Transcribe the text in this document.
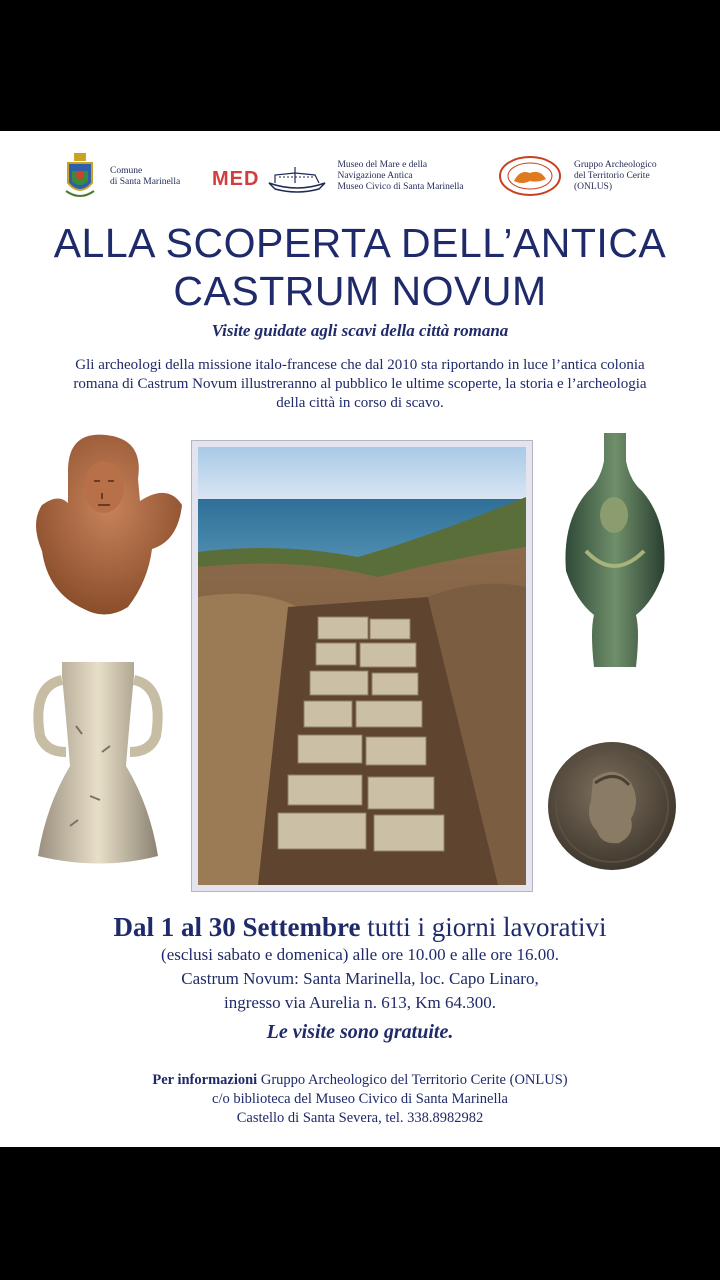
Comune
di Santa Marinella MED
Museo del Mare e della
Navigazione Antica
Museo Civico di Santa Marinella
Gruppo Archeologico
del Territorio Cerite
(ONLUS)
ALLA SCOPERTA DELL’ANTICA
CASTRUM NOVUM
Visite guidate agli scavi della città romana
Gli archeologi della missione italo-francese che dal 2010 sta riportando in luce l’antica colonia
romana di Castrum Novum illustreranno al pubblico le ultime scoperte, la storia e l’archeologia
della città in corso di scavo.
Dal 1 al 30 Settembre tutti i giorni lavorativi
(esclusi sabato e domenica) alle ore 10.00 e alle ore 16.00.
Castrum Novum: Santa Marinella, loc. Capo Linaro,
ingresso via Aurelia n. 613, Km 64.300.
Le visite sono gratuite.
Per informazioni Gruppo Archeologico del Territorio Cerite (ONLUS)
c/o biblioteca del Museo Civico di Santa Marinella
Castello di Santa Severa, tel. 338.8982982
